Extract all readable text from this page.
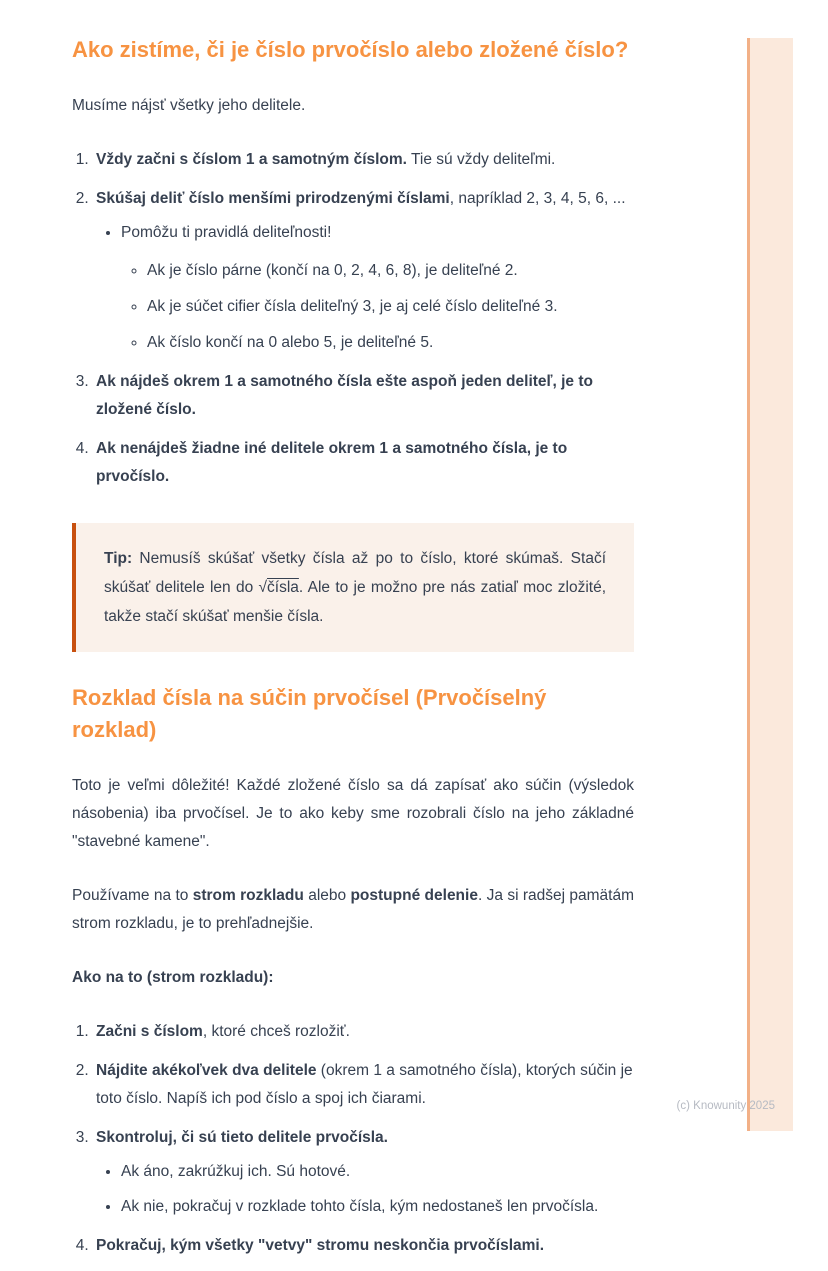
Ako zistíme, či je číslo prvočíslo alebo zložené číslo?

Musíme nájsť všetky jeho delitele.

1. Vždy začni s číslom 1 a samotným číslom. Tie sú vždy deliteľmi.
2. Skúšaj deliť číslo menšími prirodzenými číslami, napríklad 2, 3, 4, 5, 6, ...
• Pomôžu ti pravidlá deliteľnosti!
◦ Ak je číslo párne (končí na 0, 2, 4, 6, 8), je deliteľné 2.
◦ Ak je súčet cifier čísla deliteľný 3, je aj celé číslo deliteľné 3.
◦ Ak číslo končí na 0 alebo 5, je deliteľné 5.
3. Ak nájdeš okrem 1 a samotného čísla ešte aspoň jeden deliteľ, je to zložené číslo.
4. Ak nenájdeš žiadne iné delitele okrem 1 a samotného čísla, je to prvočíslo.
Tip: Nemusíš skúšať všetky čísla až po to číslo, ktoré skúmaš. Stačí skúšať delitele len do √čísla. Ale to je možno pre nás zatiaľ moc zložité, takže stačí skúšať menšie čísla.
Rozklad čísla na súčin prvočísel (Prvočíselný rozklad)

Toto je veľmi dôležité! Každé zložené číslo sa dá zapísať ako súčin (výsledok násobenia) iba prvočísel. Je to ako keby sme rozobrali číslo na jeho základné "stavebné kamene".

Používame na to strom rozkladu alebo postupné delenie. Ja si radšej pamätám strom rozkladu, je to prehľadnejšie.

Ako na to (strom rozkladu):

1. Začni s číslom, ktoré chceš rozložiť.
2. Nájdite akékoľvek dva delitele (okrem 1 a samotného čísla), ktorých súčin je toto číslo. Napíš ich pod číslo a spoj ich čiarami.
3. Skontroluj, či sú tieto delitele prvočísla.
• Ak áno, zakrúžkuj ich. Sú hotové.
• Ak nie, pokračuj v rozklade tohto čísla, kým nedostaneš len prvočísla.
4. Pokračuj, kým všetky "vetvy" stromu neskončia prvočíslami.
(c) Knowunity 2025
